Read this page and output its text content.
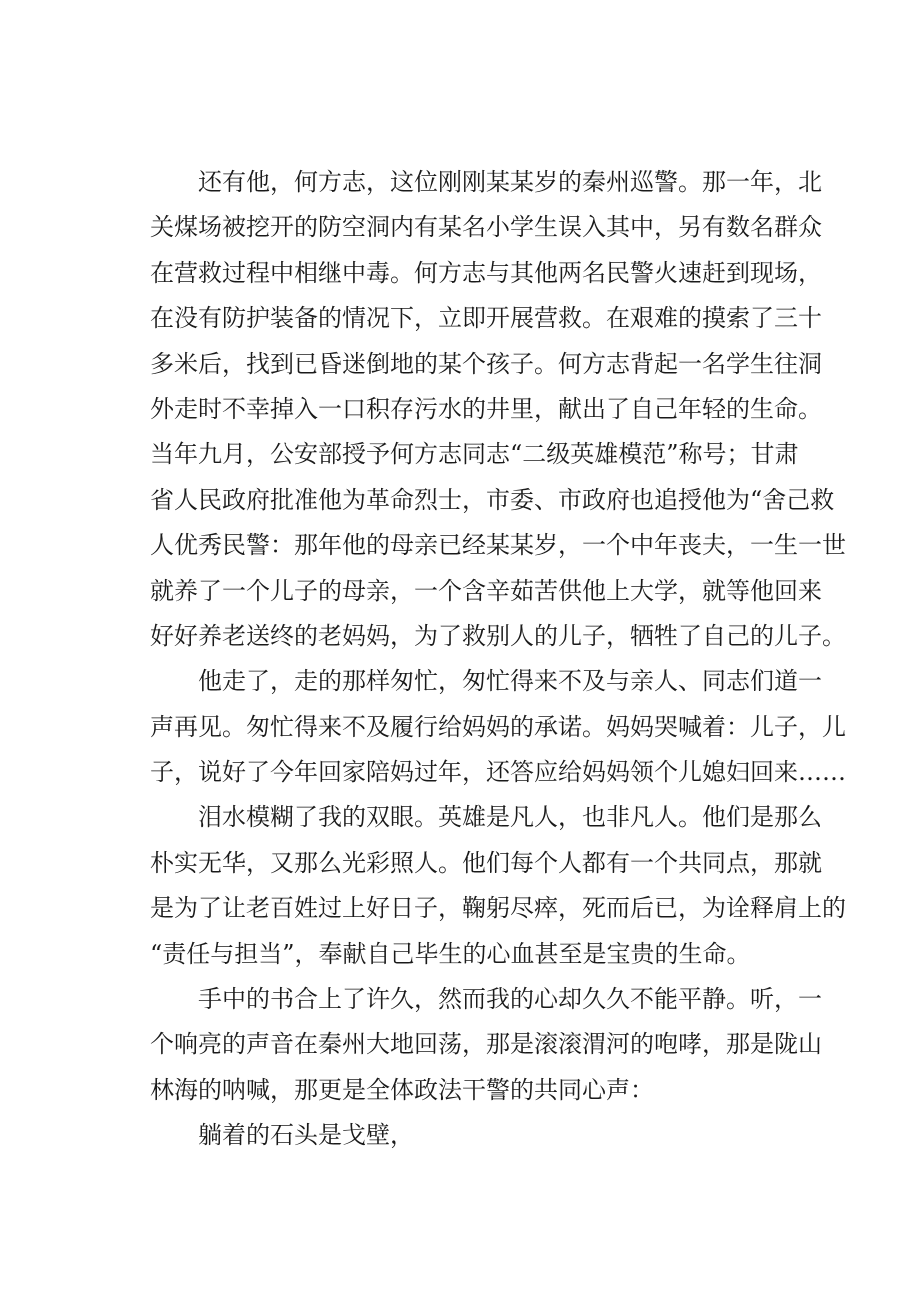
还有他，何方志，这位刚刚某某岁的秦州巡警。那一年，北
关煤场被挖开的防空洞内有某名小学生误入其中，另有数名群众
在营救过程中相继中毒。何方志与其他两名民警火速赶到现场，
在没有防护装备的情况下，立即开展营救。在艰难的摸索了三十
多米后，找到已昏迷倒地的某个孩子。何方志背起一名学生往洞
外走时不幸掉入一口积存污水的井里，献出了自己年轻的生命。
当年九月，公安部授予何方志同志“二级英雄模范”称号；甘肃
省人民政府批准他为革命烈士，市委、市政府也追授他为“舍己救
人优秀民警：那年他的母亲已经某某岁，一个中年丧夫，一生一世
就养了一个儿子的母亲，一个含辛茹苦供他上大学，就等他回来
好好养老送终的老妈妈，为了救别人的儿子，牺牲了自己的儿子。
他走了，走的那样匆忙，匆忙得来不及与亲人、同志们道一
声再见。匆忙得来不及履行给妈妈的承诺。妈妈哭喊着：儿子，儿
子，说好了今年回家陪妈过年，还答应给妈妈领个儿媳妇回来……
泪水模糊了我的双眼。英雄是凡人，也非凡人。他们是那么
朴实无华，又那么光彩照人。他们每个人都有一个共同点，那就
是为了让老百姓过上好日子，鞠躬尽瘁，死而后已，为诠释肩上的
“责任与担当”，奉献自己毕生的心血甚至是宝贵的生命。
手中的书合上了许久，然而我的心却久久不能平静。听，一
个响亮的声音在秦州大地回荡，那是滚滚渭河的咆哮，那是陇山
林海的呐喊，那更是全体政法干警的共同心声：
躺着的石头是戈壁，
